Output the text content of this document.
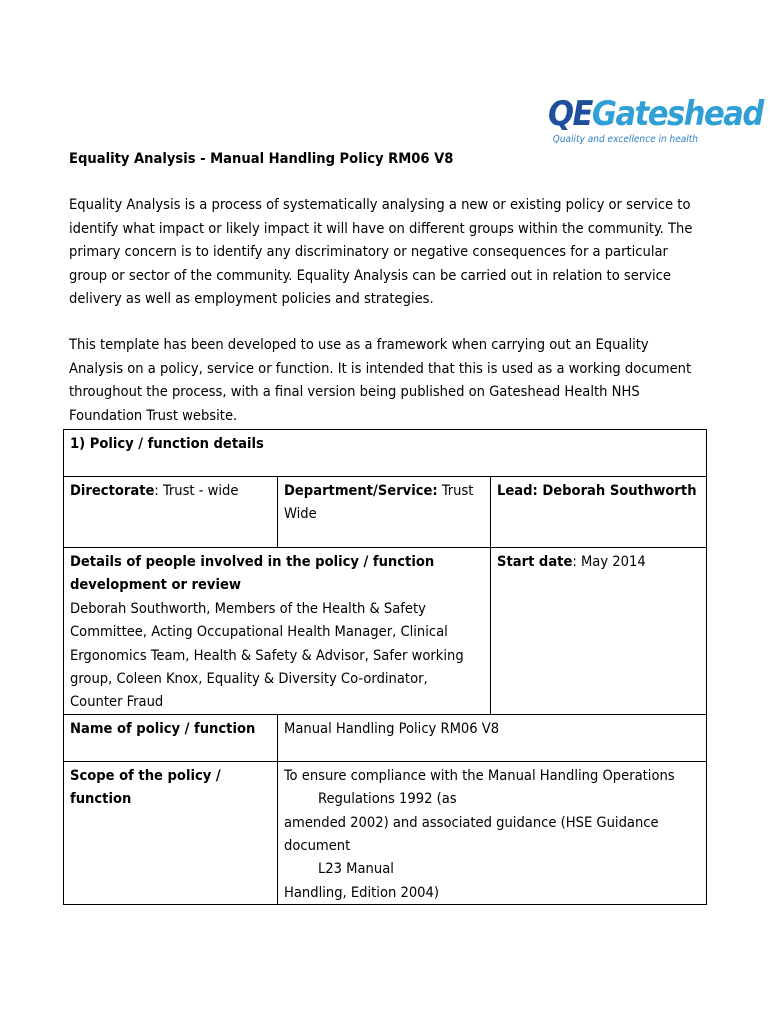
QEGateshead
Quality and excellence in health

Equality Analysis - Manual Handling Policy RM06 V8

Equality Analysis is a process of systematically analysing a new or existing policy or service to identify what impact or likely impact it will have on different groups within the community. The primary concern is to identify any discriminatory or negative consequences for a particular group or sector of the community. Equality Analysis can be carried out in relation to service delivery as well as employment policies and strategies.

This template has been developed to use as a framework when carrying out an Equality Analysis on a policy, service or function. It is intended that this is used as a working document throughout the process, with a final version being published on Gateshead Health NHS Foundation Trust website.

1) Policy / function details		
Directorate: Trust - wide	Department/Service: Trust Wide	Lead: Deborah Southworth
Details of people involved in the policy / function development or review
Deborah Southworth, Members of the Health & Safety Committee, Acting Occupational Health Manager, Clinical Ergonomics Team, Health & Safety & Advisor, Safer working group, Coleen Knox, Equality & Diversity Co-ordinator, Counter Fraud		Start date: May 2014
Name of policy / function	Manual Handling Policy RM06 V8	
Scope of the policy / function	To ensure compliance with the Manual Handling Operations
Regulations 1992 (as
amended 2002) and associated guidance (HSE Guidance document
L23 Manual
Handling, Edition 2004)	
